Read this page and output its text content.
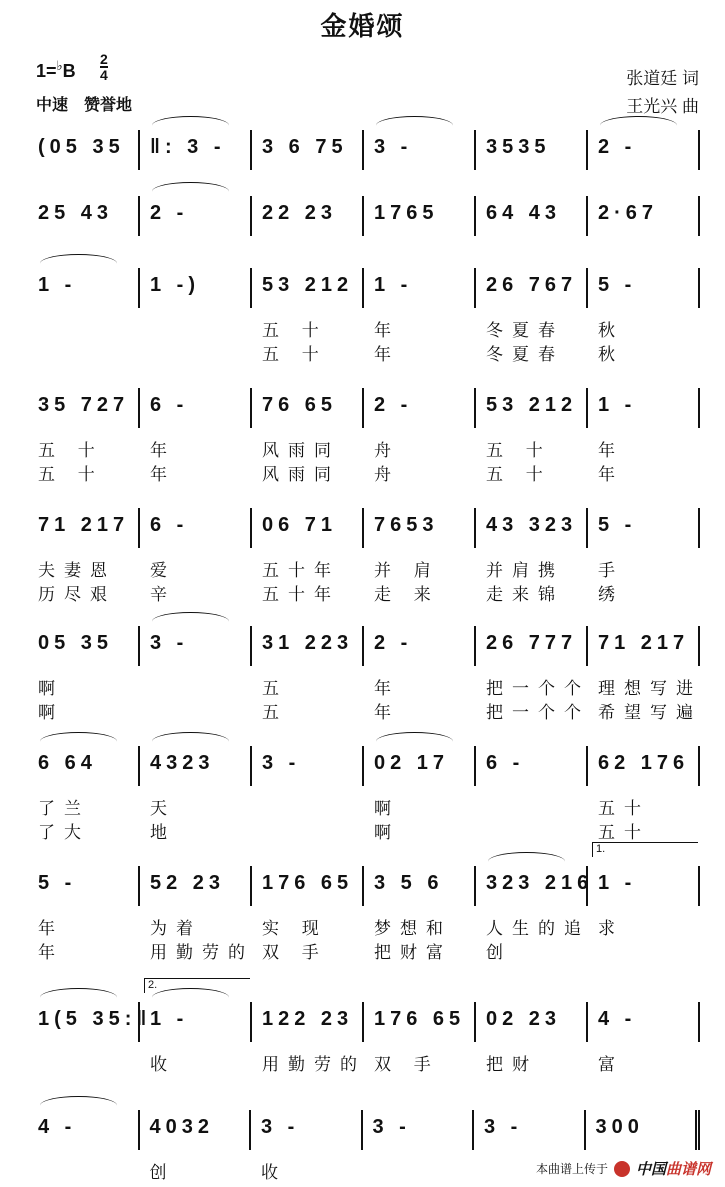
金婚颂
1=♭B
2
4
中速　赞誉地
张道廷 词
王光兴 曲
(05 35	‖: 3 -	3 6 75	3 -	3535	2 -
25 43	2 -	22 23	1765	64 43	2·67
1 -	1 -)	53 212
五 十
五 十
1 -
年
年
26 767
冬夏春
冬夏春
5 -
秋
秋
35 727
五 十
五 十
6 -
年
年
76 65
风雨同
风雨同
2 -
舟
舟
53 212
五 十
五 十
1 -
年
年
71 217
夫妻恩
历尽艰
6 -
爱
辛
06 71
五十年
五十年
7653
并 肩
走 来
43 323
并肩携
走来锦
5 -
手
绣
05 35
啊
啊
3 -	31 223
五
五
2 -
年
年
26 777
把一个个
把一个个
71 217
理想写进
希望写遍
6 64
了兰
了大
4323
天
地
3 -	02 17
啊
啊
6 -	62 176
五十
五十
5 -
年
年
52 23
为着
用勤劳的
176 65
实 现
双 手
3 5 6
梦想和
把财富
323 216
人生的追
创
1.
1 -
求
1(5 35:‖
2.
1 -
收
122 23
用勤劳的
176 65
双 手
02 23
把财
4 -
富
4 -	4032
创
3 -
收
3 -	3 -	300
本曲谱上传于 中国曲谱网
